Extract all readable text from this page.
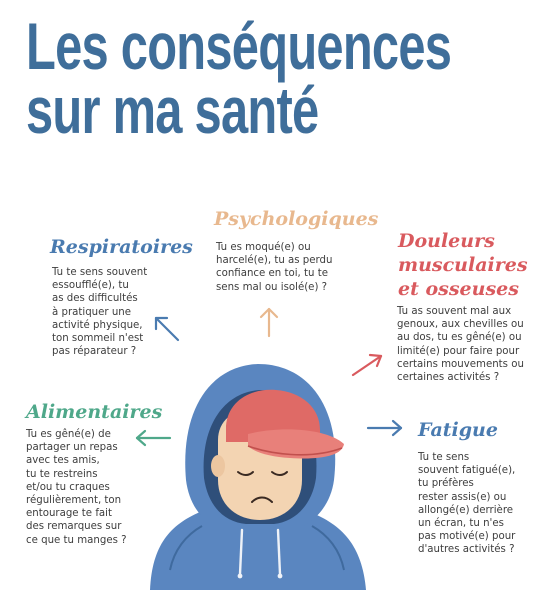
Les conséquences
sur ma santé
Respiratoires

Tu te sens souvent
essoufflé(e), tu
as des difficultés
à pratiquer une
activité physique,
ton sommeil n'est
pas réparateur ?

Psychologiques

Tu es moqué(e) ou
harcelé(e), tu as perdu
confiance en toi, tu te
sens mal ou isolé(e) ?

Douleurs musculaires et osseuses

Tu as souvent mal aux
genoux, aux chevilles ou
au dos, tu es gêné(e) ou
limité(e) pour faire pour
certains mouvements ou
certaines activités ?

Alimentaires

Tu es gêné(e) de
partager un repas
avec tes amis,
tu te restreins
et/ou tu craques
régulièrement, ton
entourage te fait
des remarques sur
ce que tu manges ?

Fatigue

Tu te sens
souvent fatigué(e),
tu préfères
rester assis(e) ou
allongé(e) derrière
un écran, tu n'es
pas motivé(e) pour
d'autres activités ?
